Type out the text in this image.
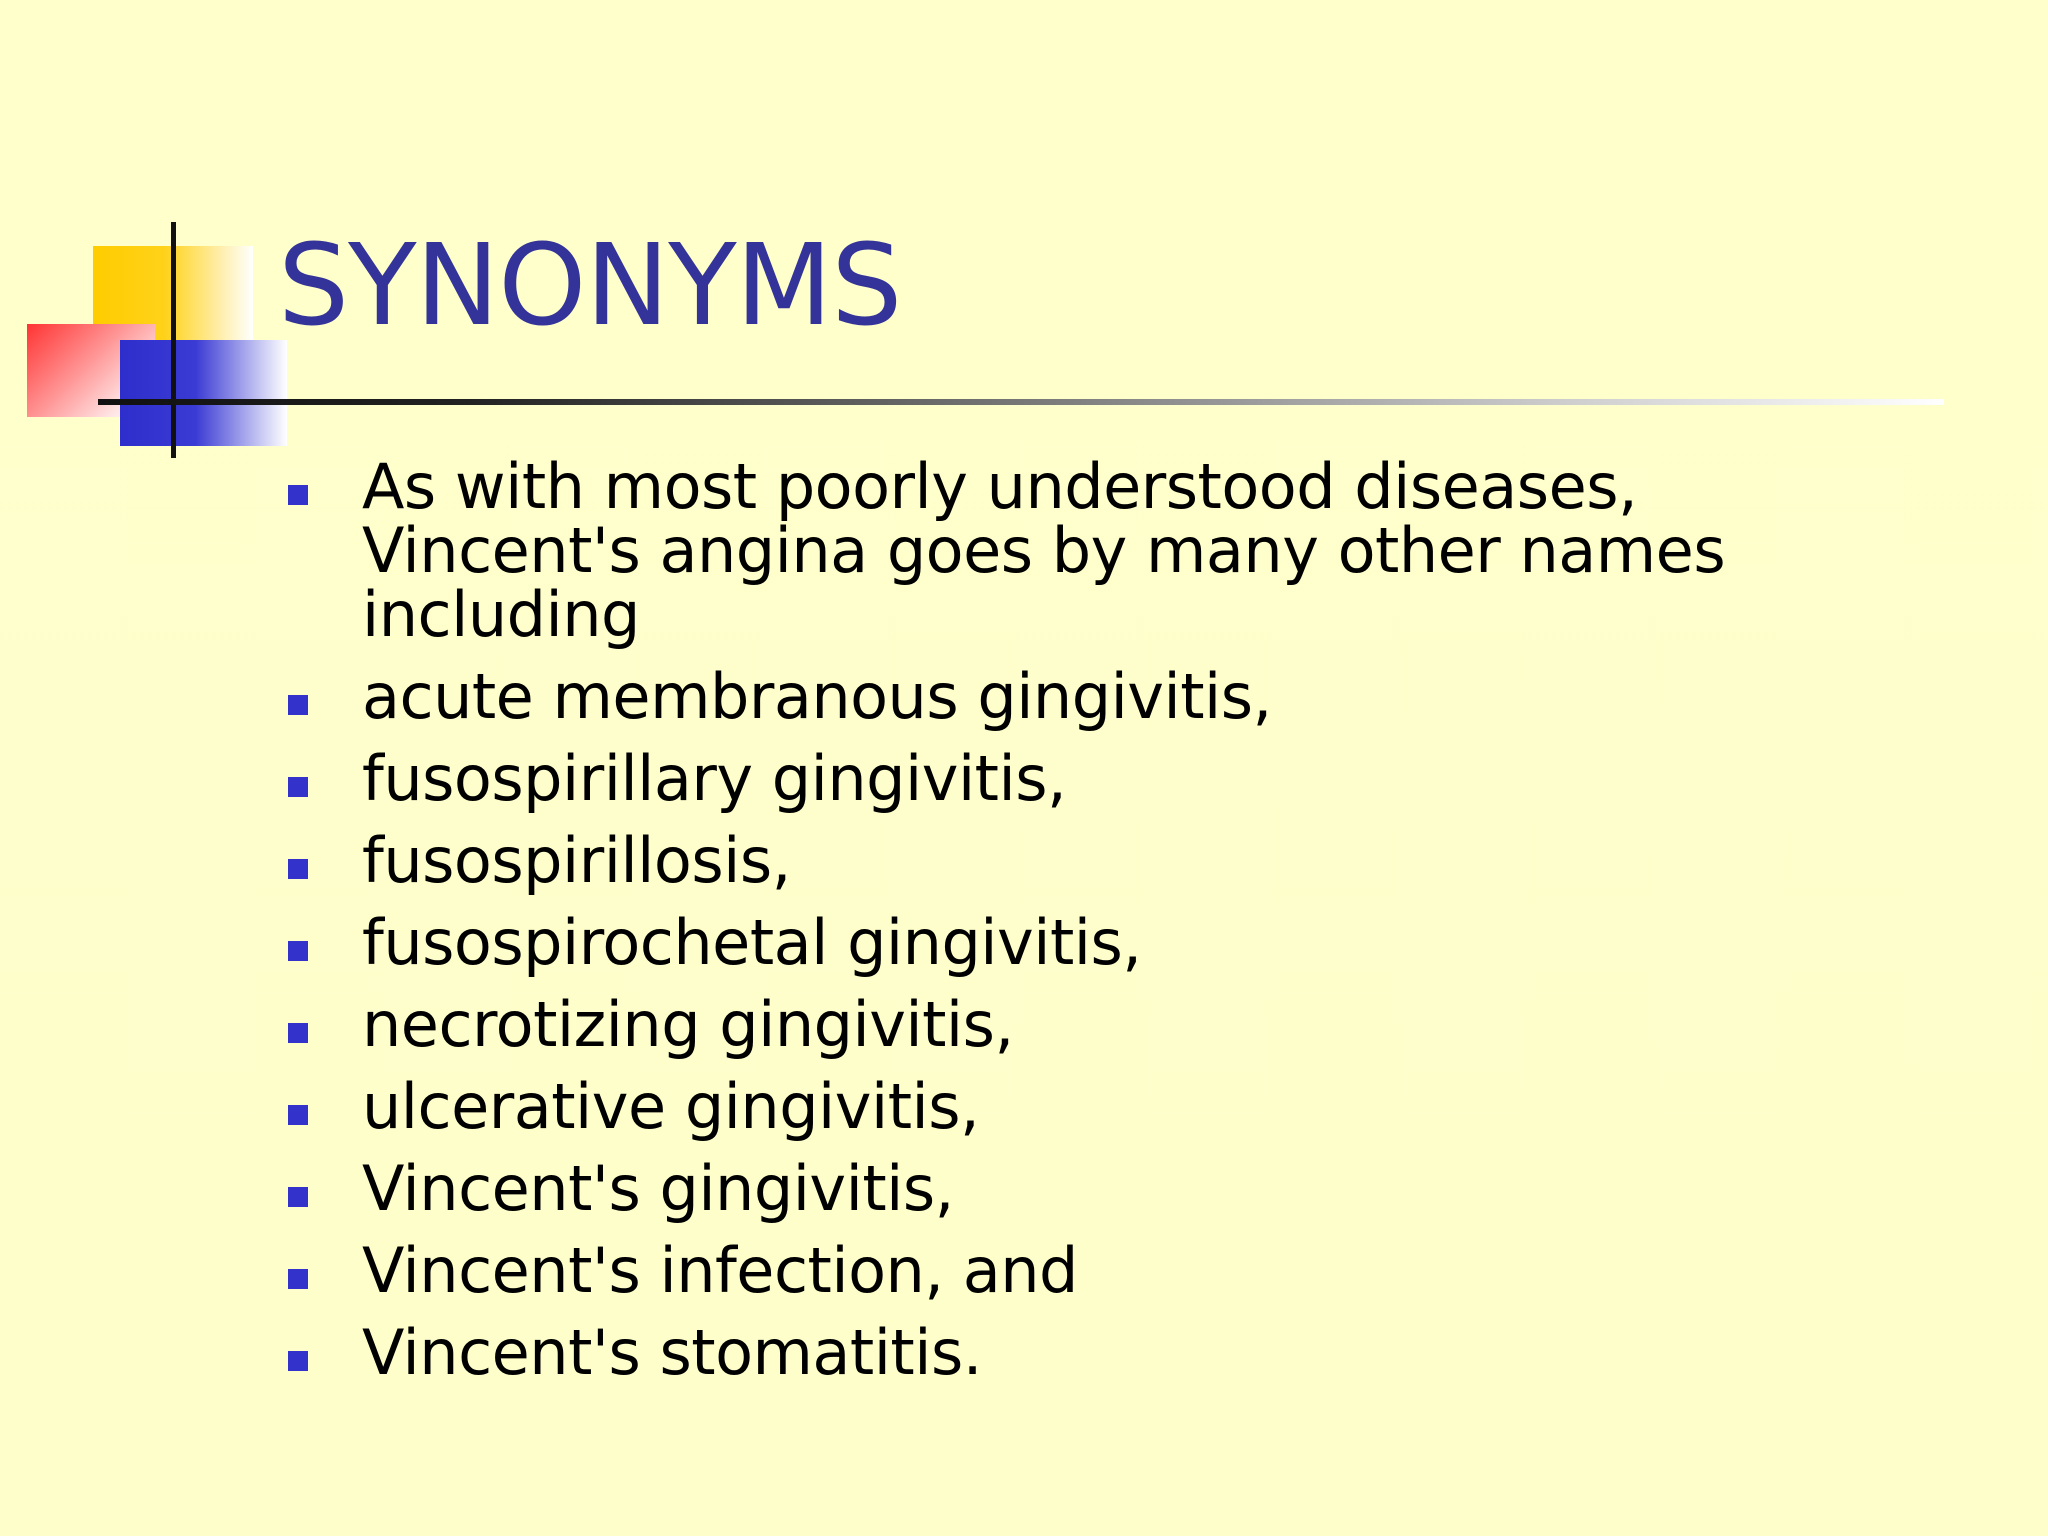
SYNONYMS
As with most poorly understood diseases, Vincent's angina goes by many other names including
acute membranous gingivitis,
fusospirillary gingivitis,
fusospirillosis,
fusospirochetal gingivitis,
necrotizing gingivitis,
ulcerative gingivitis,
Vincent's gingivitis,
Vincent's infection, and
Vincent's stomatitis.
